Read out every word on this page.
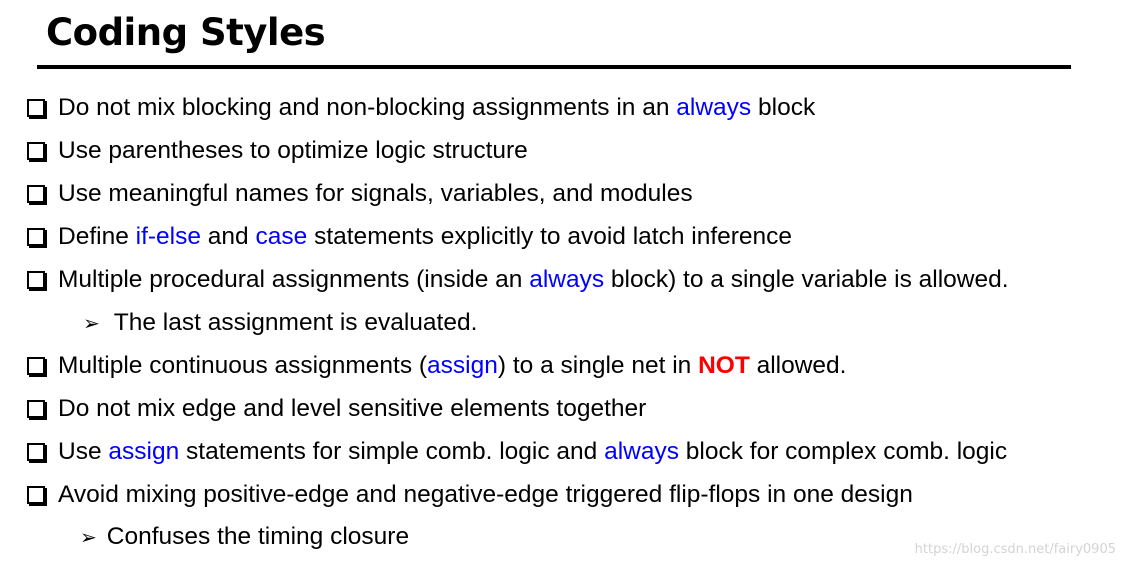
Coding Styles
Do not mix blocking and non-blocking assignments in an always block
Use parentheses to optimize logic structure
Use meaningful names for signals, variables, and modules
Define if-else and case statements explicitly to avoid latch inference
Multiple procedural assignments (inside an always block) to a single variable is allowed.
➢ The last assignment is evaluated.
Multiple continuous assignments (assign) to a single net in NOT allowed.
Do not mix edge and level sensitive elements together
Use assign statements for simple comb. logic and always block for complex comb. logic
Avoid mixing positive-edge and negative-edge triggered flip-flops in one design
➢ Confuses the timing closure	https://blog.csdn.net/fairy0905
